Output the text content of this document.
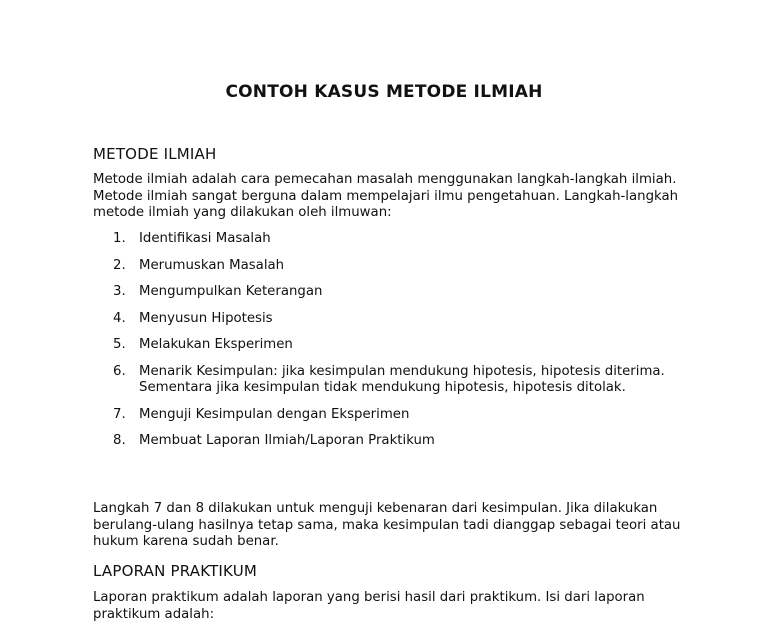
CONTOH KASUS METODE ILMIAH
METODE ILMIAH

Metode ilmiah adalah cara pemecahan masalah menggunakan langkah-langkah ilmiah. Metode ilmiah sangat berguna dalam mempelajari ilmu pengetahuan. Langkah-langkah metode ilmiah yang dilakukan oleh ilmuwan:

1.	Identifikasi Masalah
2.	Merumuskan Masalah
3.	Mengumpulkan Keterangan
4.	Menyusun Hipotesis
5.	Melakukan Eksperimen
6.	Menarik Kesimpulan: jika kesimpulan mendukung hipotesis, hipotesis diterima. Sementara jika kesimpulan tidak mendukung hipotesis, hipotesis ditolak.
7.	Menguji Kesimpulan dengan Eksperimen
8.	Membuat Laporan Ilmiah/Laporan Praktikum

Langkah 7 dan 8 dilakukan untuk menguji kebenaran dari kesimpulan. Jika dilakukan berulang-ulang hasilnya tetap sama, maka kesimpulan tadi dianggap sebagai teori atau hukum karena sudah benar.

LAPORAN PRAKTIKUM

Laporan praktikum adalah laporan yang berisi hasil dari praktikum. Isi dari laporan praktikum adalah:
